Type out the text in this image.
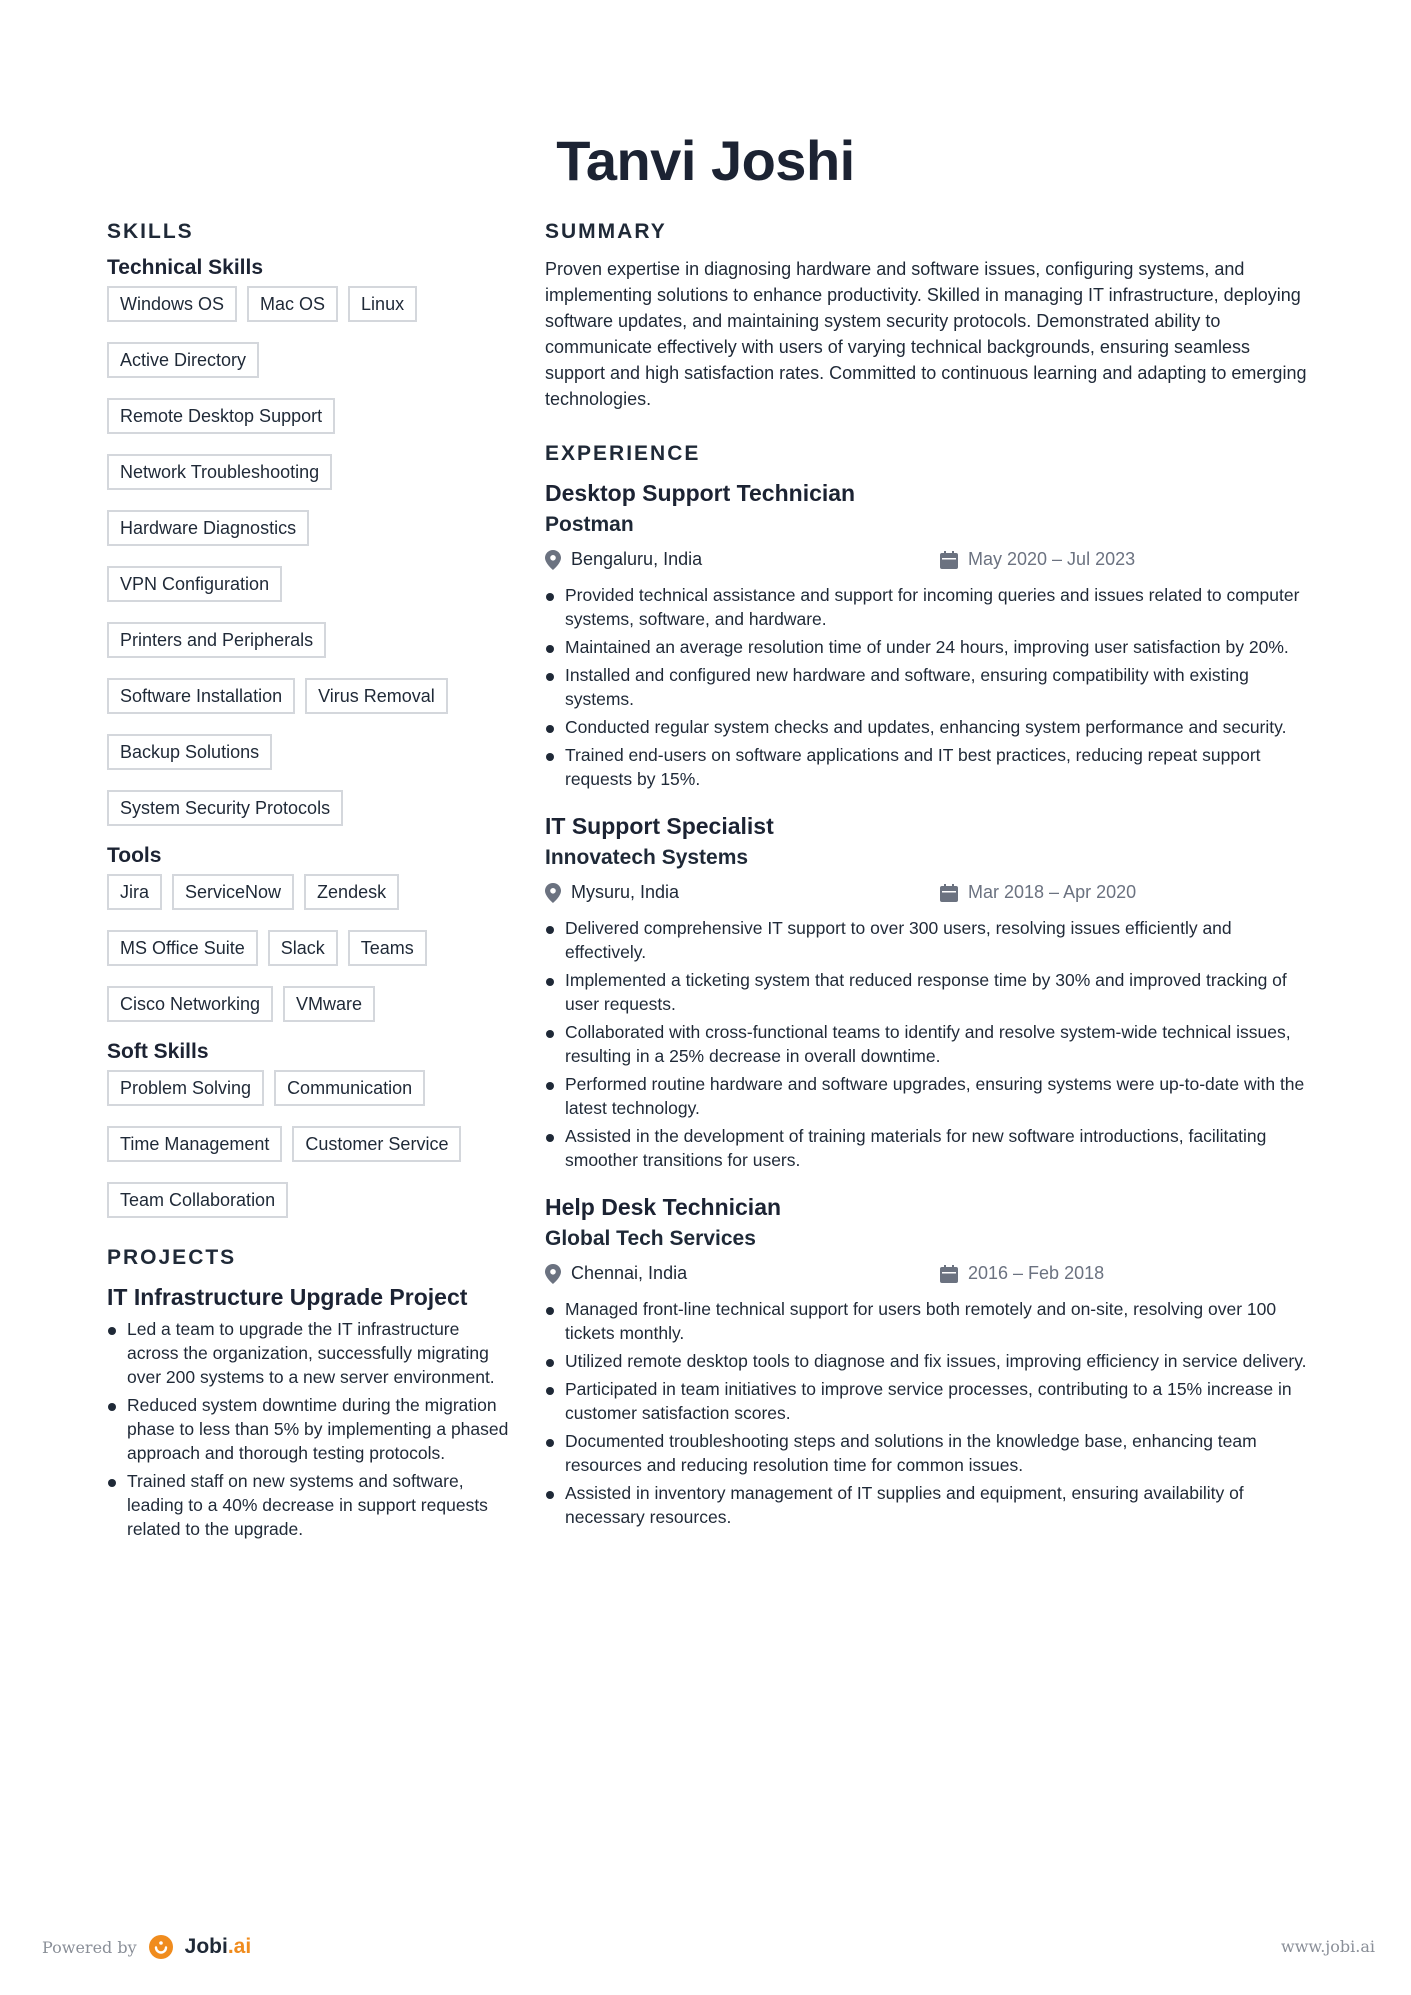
Tanvi Joshi
SKILLS
Technical Skills
Windows OS	Mac OS	Linux
Active Directory
Remote Desktop Support
Network Troubleshooting
Hardware Diagnostics
VPN Configuration
Printers and Peripherals
Software Installation	Virus Removal
Backup Solutions
System Security Protocols
Tools
Jira	ServiceNow	Zendesk
MS Office Suite	Slack	Teams
Cisco Networking	VMware
Soft Skills
Problem Solving	Communication
Time Management	Customer Service
Team Collaboration
PROJECTS
IT Infrastructure Upgrade Project
Led a team to upgrade the IT infrastructure across the organization, successfully migrating over 200 systems to a new server environment.
Reduced system downtime during the migration phase to less than 5% by implementing a phased approach and thorough testing protocols.
Trained staff on new systems and software, leading to a 40% decrease in support requests related to the upgrade.
SUMMARY
Proven expertise in diagnosing hardware and software issues, configuring systems, and implementing solutions to enhance productivity. Skilled in managing IT infrastructure, deploying software updates, and maintaining system security protocols. Demonstrated ability to communicate effectively with users of varying technical backgrounds, ensuring seamless support and high satisfaction rates. Committed to continuous learning and adapting to emerging technologies.
EXPERIENCE
Desktop Support Technician
Postman
Bengaluru, India	May 2020 – Jul 2023
Provided technical assistance and support for incoming queries and issues related to computer systems, software, and hardware.
Maintained an average resolution time of under 24 hours, improving user satisfaction by 20%.
Installed and configured new hardware and software, ensuring compatibility with existing systems.
Conducted regular system checks and updates, enhancing system performance and security.
Trained end-users on software applications and IT best practices, reducing repeat support requests by 15%.
IT Support Specialist
Innovatech Systems
Mysuru, India	Mar 2018 – Apr 2020
Delivered comprehensive IT support to over 300 users, resolving issues efficiently and effectively.
Implemented a ticketing system that reduced response time by 30% and improved tracking of user requests.
Collaborated with cross-functional teams to identify and resolve system-wide technical issues, resulting in a 25% decrease in overall downtime.
Performed routine hardware and software upgrades, ensuring systems were up-to-date with the latest technology.
Assisted in the development of training materials for new software introductions, facilitating smoother transitions for users.
Help Desk Technician
Global Tech Services
Chennai, India	2016 – Feb 2018
Managed front-line technical support for users both remotely and on-site, resolving over 100 tickets monthly.
Utilized remote desktop tools to diagnose and fix issues, improving efficiency in service delivery.
Participated in team initiatives to improve service processes, contributing to a 15% increase in customer satisfaction scores.
Documented troubleshooting steps and solutions in the knowledge base, enhancing team resources and reducing resolution time for common issues.
Assisted in inventory management of IT supplies and equipment, ensuring availability of necessary resources.
Powered by Jobi.ai	www.jobi.ai
